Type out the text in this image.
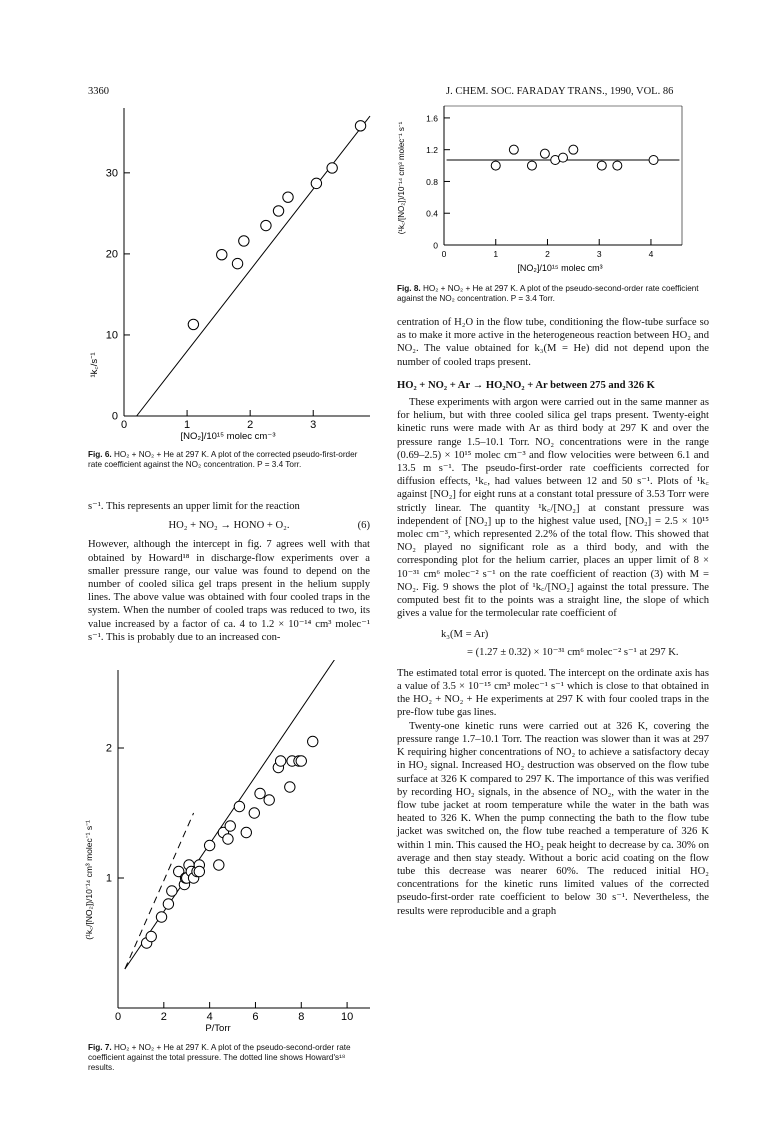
3360	J. CHEM. SOC. FARADAY TRANS., 1990, VOL. 86
0	1	2	3
0
10
20
30
[NO₂]/10¹⁵ molec cm⁻³
¹k꜀/s⁻¹
Fig. 6. HO₂ + NO₂ + He at 297 K. A plot of the corrected pseudo-first-order rate coefficient against the NO₂ concentration. P = 3.4 Torr.

s⁻¹. This represents an upper limit for the reaction

HO₂ + NO₂ → HONO + O₂.	(6)

However, although the intercept in fig. 7 agrees well with that obtained by Howard¹⁸ in discharge-flow experiments over a smaller pressure range, our value was found to depend on the number of cooled silica gel traps present in the helium supply lines. The above value was obtained with four cooled traps in the system. When the number of cooled traps was reduced to two, its value increased by a factor of ca. 4 to 1.2 × 10⁻¹⁴ cm³ molec⁻¹ s⁻¹. This is probably due to an increased con-

0	2	4	6	8	10
1
2
P/Torr
(¹k꜀/[NO₂])/10⁻¹⁴ cm³ molec⁻¹ s⁻¹
Fig. 7. HO₂ + NO₂ + He at 297 K. A plot of the pseudo-second-order rate coefficient against the total pressure. The dotted line shows Howard's¹⁸ results.
0	1	2	3	4
0
0.4
0.8
1.2
1.6
[NO₂]/10¹⁵ molec cm³
(¹k꜀/[NO₂])/10⁻¹⁴ cm³ molec⁻¹ s⁻¹
Fig. 8. HO₂ + NO₂ + He at 297 K. A plot of the pseudo-second-order rate coefficient against the NO₂ concentration. P = 3.4 Torr.

centration of H₂O in the flow tube, conditioning the flow-tube surface so as to make it more active in the heterogeneous reaction between HO₂ and NO₂. The value obtained for k₃(M = He) did not depend upon the number of cooled traps present.

HO₂ + NO₂ + Ar → HO₂NO₂ + Ar between 275 and 326 K

These experiments with argon were carried out in the same manner as for helium, but with three cooled silica gel traps present. Twenty-eight kinetic runs were made with Ar as third body at 297 K and over the pressure range 1.5–10.1 Torr. NO₂ concentrations were in the range (0.69–2.5) × 10¹⁵ molec cm⁻³ and flow velocities were between 6.1 and 13.5 m s⁻¹. The pseudo-first-order rate coefficients corrected for diffusion effects, ¹k꜀, had values between 12 and 50 s⁻¹. Plots of ¹k꜀ against [NO₂] for eight runs at a constant total pressure of 3.53 Torr were strictly linear. The quantity ¹k꜀/[NO₂] at constant pressure was independent of [NO₂] up to the highest value used, [NO₂] = 2.5 × 10¹⁵ molec cm⁻³, which represented 2.2% of the total flow. This showed that NO₂ played no significant role as a third body, and with the corresponding plot for the helium carrier, places an upper limit of 8 × 10⁻³¹ cm⁶ molec⁻² s⁻¹ on the rate coefficient of reaction (3) with M = NO₂. Fig. 9 shows the plot of ¹k꜀/[NO₂] against the total pressure. The computed best fit to the points was a straight line, the slope of which gives a value for the termolecular rate coefficient of

k₃(M = Ar)
= (1.27 ± 0.32) × 10⁻³¹ cm⁶ molec⁻² s⁻¹ at 297 K.

The estimated total error is quoted. The intercept on the ordinate axis has a value of 3.5 × 10⁻¹⁵ cm³ molec⁻¹ s⁻¹ which is close to that obtained in the HO₂ + NO₂ + He experiments at 297 K with four cooled traps in the pre-flow tube gas lines.

Twenty-one kinetic runs were carried out at 326 K, covering the pressure range 1.7–10.1 Torr. The reaction was slower than it was at 297 K requiring higher concentrations of NO₂ to achieve a satisfactory decay in HO₂ signal. Increased HO₂ destruction was observed on the flow tube surface at 326 K compared to 297 K. The importance of this was verified by recording HO₂ signals, in the absence of NO₂, with the water in the flow tube jacket at room temperature while the water in the bath was heated to 326 K. When the pump connecting the bath to the flow tube jacket was switched on, the flow tube reached a temperature of 326 K within 1 min. This caused the HO₂ peak height to decrease by ca. 30% on average and then stay steady. Without a boric acid coating on the flow tube this decrease was nearer 60%. The reduced initial HO₂ concentrations for the kinetic runs limited values of the corrected pseudo-first-order rate coefficient to below 30 s⁻¹. Nevertheless, the results were reproducible and a graph
